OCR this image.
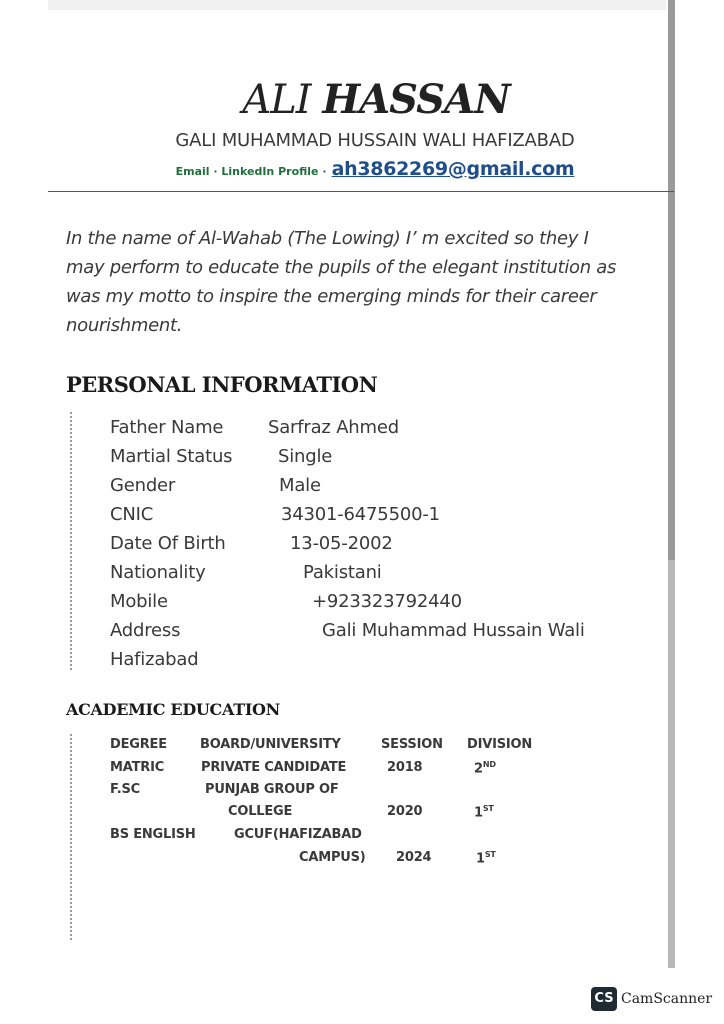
ALI HASSAN
GALI MUHAMMAD HUSSAIN WALI HAFIZABAD
Email · LinkedIn Profile · ah3862269@gmail.com
In the name of Al-Wahab (The Lowing) I’ m excited so they I
may perform to educate the pupils of the elegant institution as
was my motto to inspire the emerging minds for their career
nourishment.
PERSONAL INFORMATION
Father Name Sarfraz Ahmed
Martial Status	Single
Gender	Male
CNIC	34301-6475500-1
Date Of Birth	13-05-2002
Nationality	Pakistani
Mobile	+923323792440
Address	Gali Muhammad Hussain Wali
Hafizabad
ACADEMIC EDUCATION
DEGREE	BOARD/UNIVERSITY	SESSION DIVISION
MATRIC	PRIVATE CANDIDATE	2018	2ND
F.SC	PUNJAB GROUP OF
COLLEGE	2020	1ST
BS ENGLISH	GCUF(HAFIZABAD
CAMPUS) 2024	1ST
CS CamScanner
